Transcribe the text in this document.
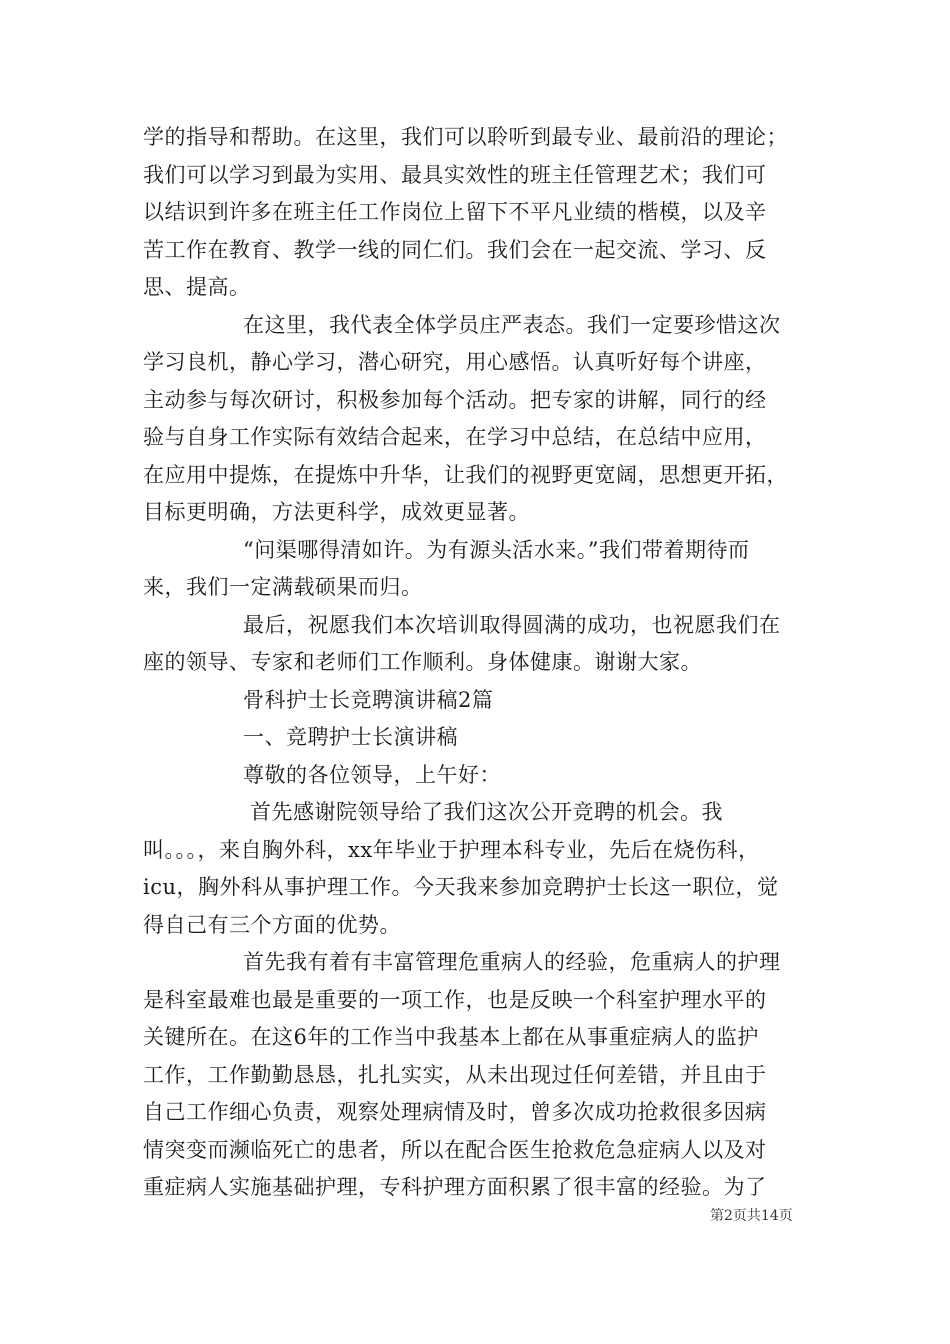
学的指导和帮助。在这里，我们可以聆听到最专业、最前沿的理论；
我们可以学习到最为实用、最具实效性的班主任管理艺术；我们可
以结识到许多在班主任工作岗位上留下不平凡业绩的楷模，以及辛
苦工作在教育、教学一线的同仁们。我们会在一起交流、学习、反
思、提高。
在这里，我代表全体学员庄严表态。我们一定要珍惜这次
学习良机，静心学习，潜心研究，用心感悟。认真听好每个讲座，
主动参与每次研讨，积极参加每个活动。把专家的讲解，同行的经
验与自身工作实际有效结合起来，在学习中总结，在总结中应用，
在应用中提炼，在提炼中升华，让我们的视野更宽阔，思想更开拓，
目标更明确，方法更科学，成效更显著。
“问渠哪得清如许。为有源头活水来。”我们带着期待而
来，我们一定满载硕果而归。
最后，祝愿我们本次培训取得圆满的成功，也祝愿我们在
座的领导、专家和老师们工作顺利。身体健康。谢谢大家。
骨科护士长竞聘演讲稿2篇
一、竞聘护士长演讲稿
尊敬的各位领导，上午好：
首先感谢院领导给了我们这次公开竞聘的机会。我
叫。。。，来自胸外科，xx年毕业于护理本科专业，先后在烧伤科，
icu，胸外科从事护理工作。今天我来参加竞聘护士长这一职位，觉
得自己有三个方面的优势。
首先我有着有丰富管理危重病人的经验，危重病人的护理
是科室最难也最是重要的一项工作，也是反映一个科室护理水平的
关键所在。在这6年的工作当中我基本上都在从事重症病人的监护
工作，工作勤勤恳恳，扎扎实实，从未出现过任何差错，并且由于
自己工作细心负责，观察处理病情及时，曾多次成功抢救很多因病
情突变而濒临死亡的患者，所以在配合医生抢救危急症病人以及对
重症病人实施基础护理，专科护理方面积累了很丰富的经验。为了
第2页共14页
